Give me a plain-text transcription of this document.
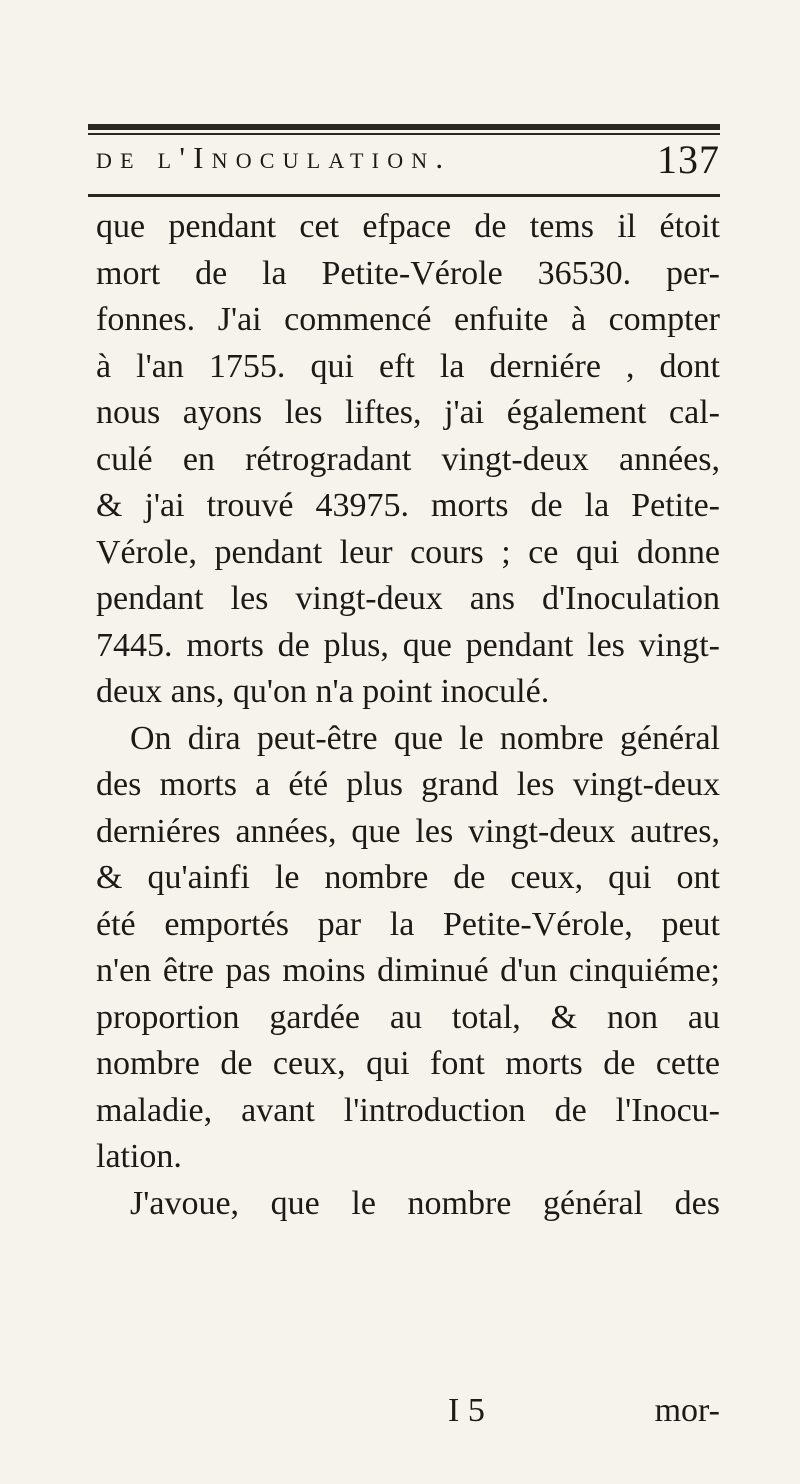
de l'Inoculation.	137
que pendant cet efpace de tems il étoit
mort de la Petite-Vérole 36530. per-
fonnes. J'ai commencé enfuite à compter
à l'an 1755. qui eft la derniére , dont
nous ayons les liftes, j'ai également cal-
culé en rétrogradant vingt-deux années,
& j'ai trouvé 43975. morts de la Petite-
Vérole, pendant leur cours ; ce qui donne
pendant les vingt-deux ans d'Inoculation
7445. morts de plus, que pendant les vingt-
deux ans, qu'on n'a point inoculé.
On dira peut-être que le nombre général
des morts a été plus grand les vingt-deux
derniéres années, que les vingt-deux autres,
& qu'ainfi le nombre de ceux, qui ont
été emportés par la Petite-Vérole, peut
n'en être pas moins diminué d'un cinquiéme;
proportion gardée au total, & non au
nombre de ceux, qui font morts de cette
maladie, avant l'introduction de l'Inocu-
lation.
J'avoue, que le nombre général des
I 5	mor-
